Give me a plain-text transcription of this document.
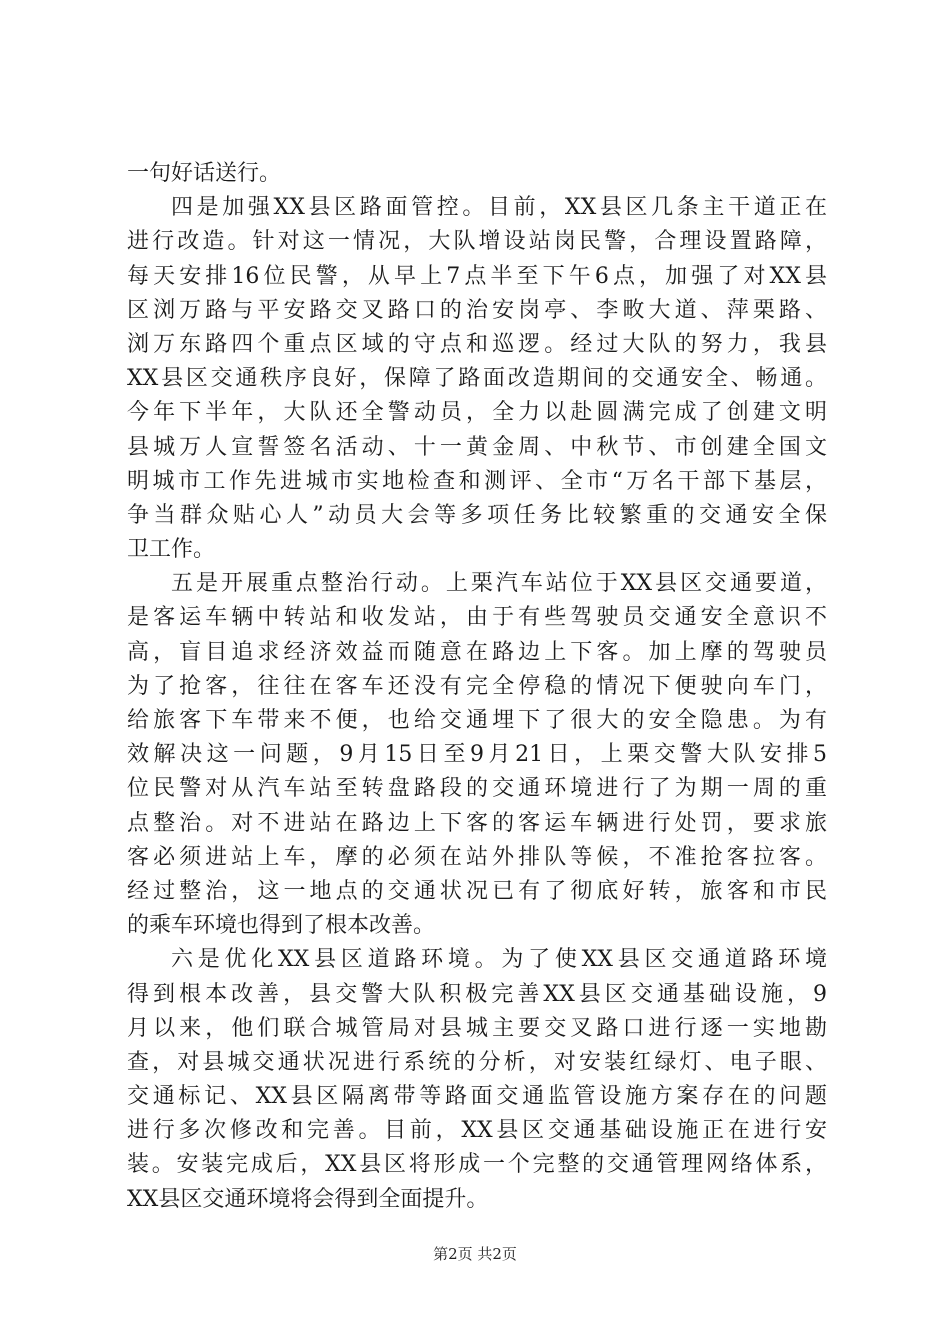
一句好话送行。
四是加强XX县区路面管控。目前，XX县区几条主干道正在
进行改造。针对这一情况，大队增设站岗民警，合理设置路障，
每天安排16位民警，从早上7点半至下午6点，加强了对XX县
区浏万路与平安路交叉路口的治安岗亭、李畋大道、萍栗路、
浏万东路四个重点区域的守点和巡逻。经过大队的努力，我县
XX县区交通秩序良好，保障了路面改造期间的交通安全、畅通。
今年下半年，大队还全警动员，全力以赴圆满完成了创建文明
县城万人宣誓签名活动、十一黄金周、中秋节、市创建全国文
明城市工作先进城市实地检查和测评、全市“万名干部下基层，
争当群众贴心人”动员大会等多项任务比较繁重的交通安全保
卫工作。
五是开展重点整治行动。上栗汽车站位于XX县区交通要道，
是客运车辆中转站和收发站，由于有些驾驶员交通安全意识不
高，盲目追求经济效益而随意在路边上下客。加上摩的驾驶员
为了抢客，往往在客车还没有完全停稳的情况下便驶向车门，
给旅客下车带来不便，也给交通埋下了很大的安全隐患。为有
效解决这一问题，9月15日至9月21日，上栗交警大队安排5
位民警对从汽车站至转盘路段的交通环境进行了为期一周的重
点整治。对不进站在路边上下客的客运车辆进行处罚，要求旅
客必须进站上车，摩的必须在站外排队等候，不准抢客拉客。
经过整治，这一地点的交通状况已有了彻底好转，旅客和市民
的乘车环境也得到了根本改善。
六是优化XX县区道路环境。为了使XX县区交通道路环境
得到根本改善，县交警大队积极完善XX县区交通基础设施，9
月以来，他们联合城管局对县城主要交叉路口进行逐一实地勘
查，对县城交通状况进行系统的分析，对安装红绿灯、电子眼、
交通标记、XX县区隔离带等路面交通监管设施方案存在的问题
进行多次修改和完善。目前，XX县区交通基础设施正在进行安
装。安装完成后，XX县区将形成一个完整的交通管理网络体系，
XX县区交通环境将会得到全面提升。
第2页 共2页
